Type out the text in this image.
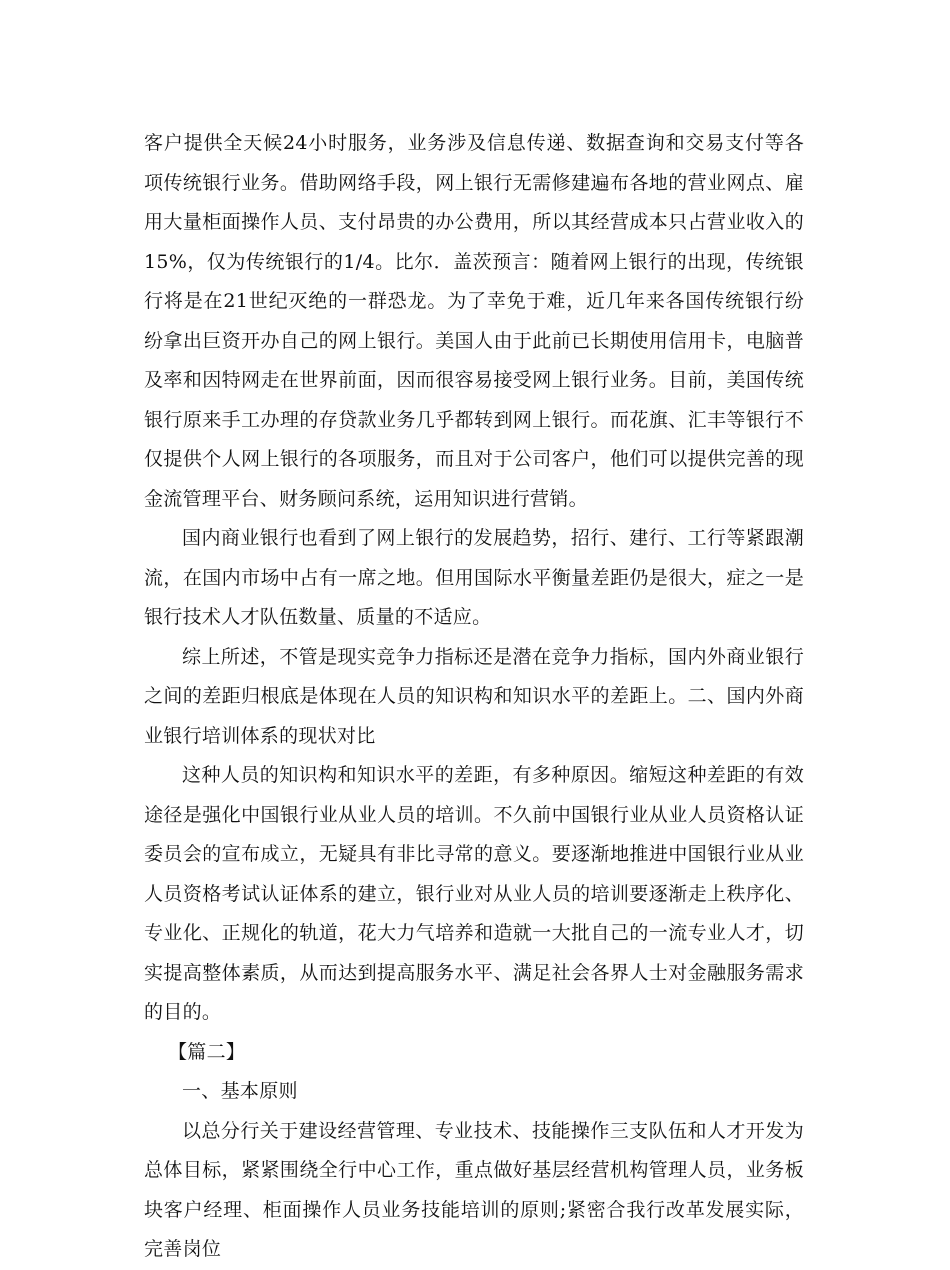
客户提供全天候24小时服务，业务涉及信息传递、数据查询和交易支付等各项传统银行业务。借助网络手段，网上银行无需修建遍布各地的营业网点、雇用大量柜面操作人员、支付昂贵的办公费用，所以其经营成本只占营业收入的15%，仅为传统银行的1/4。比尔．盖茨预言：随着网上银行的出现，传统银行将是在21世纪灭绝的一群恐龙。为了幸免于难，近几年来各国传统银行纷纷拿出巨资开办自己的网上银行。美国人由于此前已长期使用信用卡，电脑普及率和因特网走在世界前面，因而很容易接受网上银行业务。目前，美国传统银行原来手工办理的存贷款业务几乎都转到网上银行。而花旗、汇丰等银行不仅提供个人网上银行的各项服务，而且对于公司客户，他们可以提供完善的现金流管理平台、财务顾问系统，运用知识进行营销。

国内商业银行也看到了网上银行的发展趋势，招行、建行、工行等紧跟潮流，在国内市场中占有一席之地。但用国际水平衡量差距仍是很大，症之一是银行技术人才队伍数量、质量的不适应。

综上所述，不管是现实竞争力指标还是潜在竞争力指标，国内外商业银行之间的差距归根底是体现在人员的知识构和知识水平的差距上。二、国内外商业银行培训体系的现状对比

这种人员的知识构和知识水平的差距，有多种原因。缩短这种差距的有效途径是强化中国银行业从业人员的培训。不久前中国银行业从业人员资格认证委员会的宣布成立，无疑具有非比寻常的意义。要逐渐地推进中国银行业从业人员资格考试认证体系的建立，银行业对从业人员的培训要逐渐走上秩序化、专业化、正规化的轨道，花大力气培养和造就一大批自己的一流专业人才，切实提高整体素质，从而达到提高服务水平、满足社会各界人士对金融服务需求的目的。

【篇二】

一、基本原则

以总分行关于建设经营管理、专业技术、技能操作三支队伍和人才开发为总体目标，紧紧围绕全行中心工作，重点做好基层经营机构管理人员，业务板块客户经理、柜面操作人员业务技能培训的原则;紧密合我行改革发展实际，完善岗位
